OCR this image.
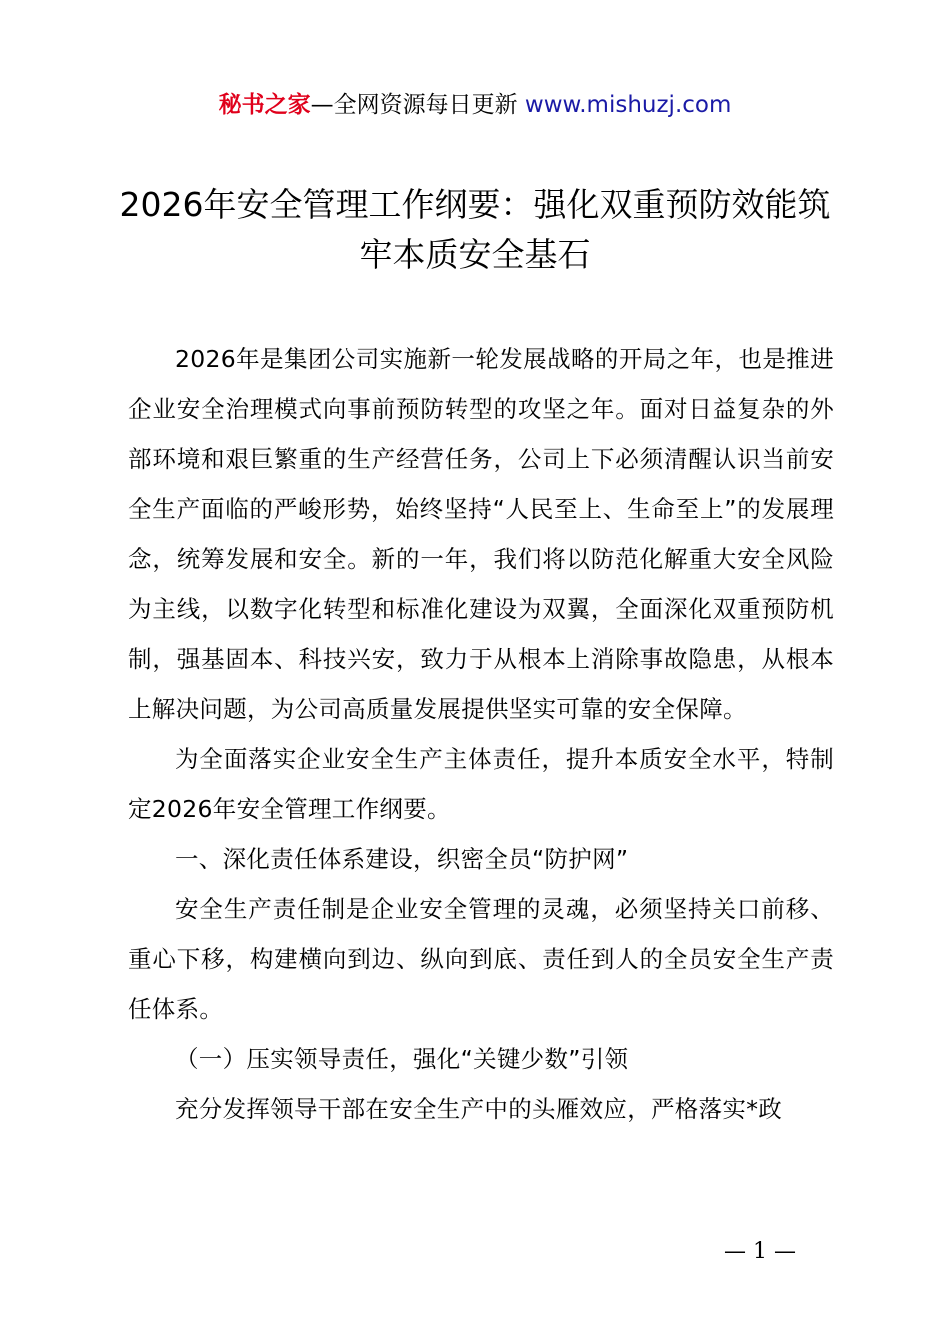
秘书之家—全网资源每日更新 www.mishuzj.com
2026年安全管理工作纲要：强化双重预防效能筑牢本质安全基石

2026年是集团公司实施新一轮发展战略的开局之年，也是推进企业安全治理模式向事前预防转型的攻坚之年。面对日益复杂的外部环境和艰巨繁重的生产经营任务，公司上下必须清醒认识当前安全生产面临的严峻形势，始终坚持“人民至上、生命至上”的发展理念，统筹发展和安全。新的一年，我们将以防范化解重大安全风险为主线，以数字化转型和标准化建设为双翼，全面深化双重预防机制，强基固本、科技兴安，致力于从根本上消除事故隐患，从根本上解决问题，为公司高质量发展提供坚实可靠的安全保障。

为全面落实企业安全生产主体责任，提升本质安全水平，特制定2026年安全管理工作纲要。

一、深化责任体系建设，织密全员“防护网”

安全生产责任制是企业安全管理的灵魂，必须坚持关口前移、重心下移，构建横向到边、纵向到底、责任到人的全员安全生产责任体系。

（一）压实领导责任，强化“关键少数”引领

充分发挥领导干部在安全生产中的头雁效应，严格落实*政

— 1 —
